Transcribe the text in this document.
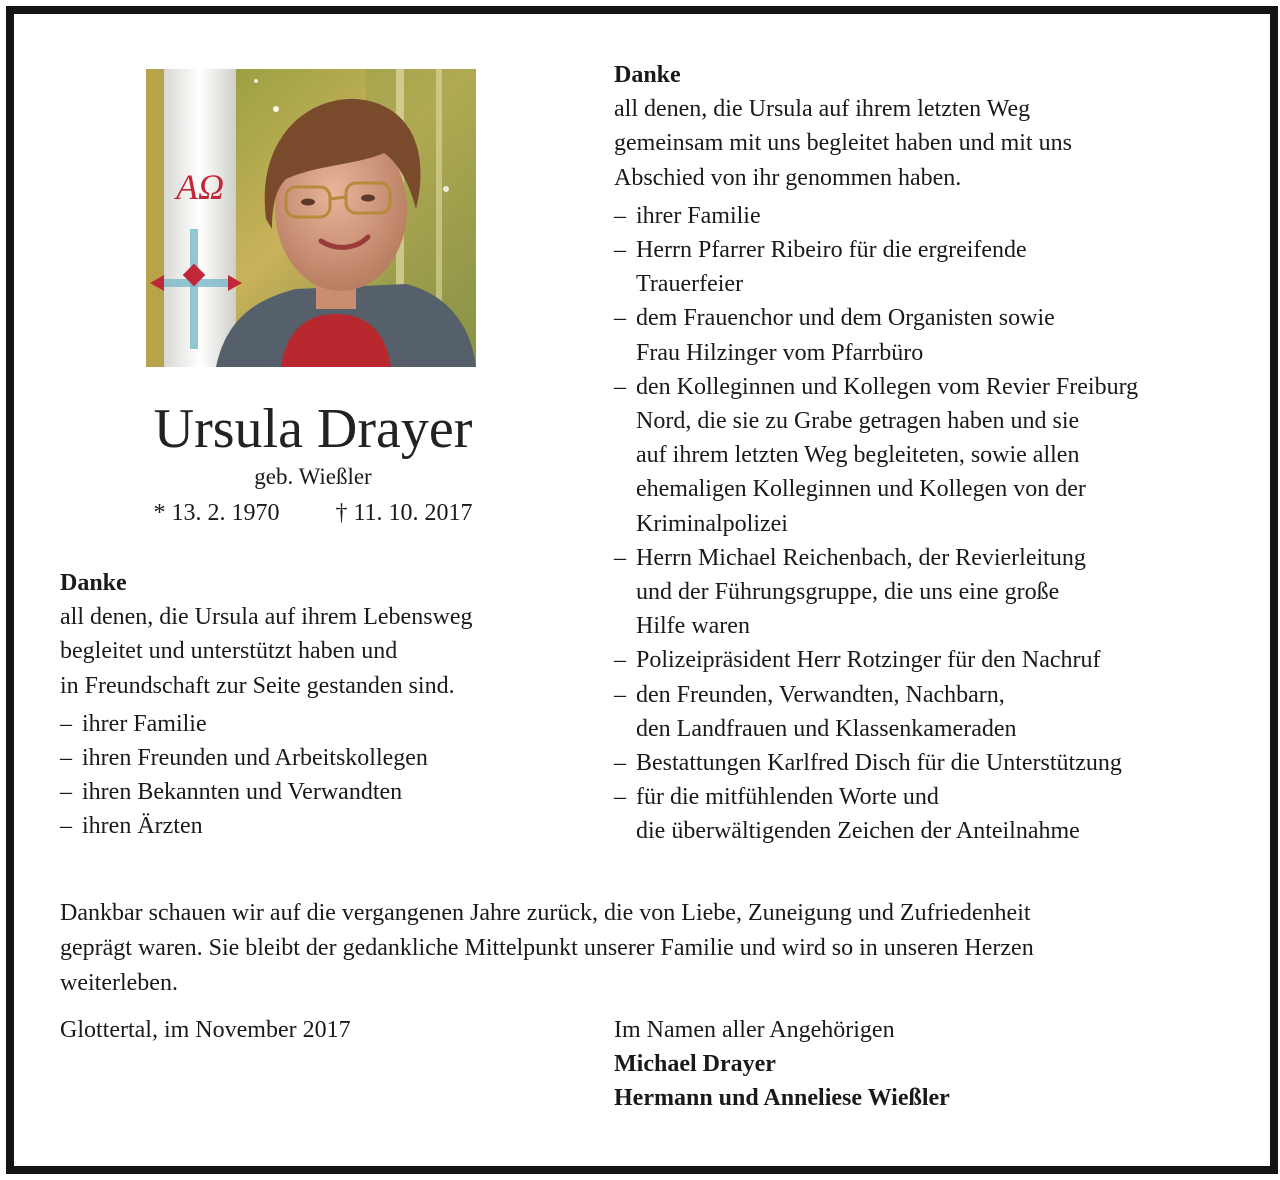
AΩ
Ursula Drayer
geb. Wießler
* 13. 2. 1970 † 11. 10. 2017
Danke
all denen, die Ursula auf ihrem Lebensweg
begleitet und unterstützt haben und
in Freundschaft zur Seite gestanden sind.
– ihrer Familie
– ihren Freunden und Arbeitskollegen
– ihren Bekannten und Verwandten
– ihren Ärzten
Danke
all denen, die Ursula auf ihrem letzten Weg
gemeinsam mit uns begleitet haben und mit uns
Abschied von ihr genommen haben.
– ihrer Familie
– Herrn Pfarrer Ribeiro für die ergreifende
Trauerfeier
– dem Frauenchor und dem Organisten sowie
Frau Hilzinger vom Pfarrbüro
– den Kolleginnen und Kollegen vom Revier Freiburg
Nord, die sie zu Grabe getragen haben und sie
auf ihrem letzten Weg begleiteten, sowie allen
ehemaligen Kolleginnen und Kollegen von der
Kriminalpolizei
– Herrn Michael Reichenbach, der Revierleitung
und der Führungsgruppe, die uns eine große
Hilfe waren
– Polizeipräsident Herr Rotzinger für den Nachruf
– den Freunden, Verwandten, Nachbarn,
den Landfrauen und Klassenkameraden
– Bestattungen Karlfred Disch für die Unterstützung
– für die mitfühlenden Worte und
die überwältigenden Zeichen der Anteilnahme
Dankbar schauen wir auf die vergangenen Jahre zurück, die von Liebe, Zuneigung und Zufriedenheit
geprägt waren. Sie bleibt der gedankliche Mittelpunkt unserer Familie und wird so in unseren Herzen
weiterleben.
Glottertal, im November 2017	Im Namen aller Angehörigen
Michael Drayer
Hermann und Anneliese Wießler
